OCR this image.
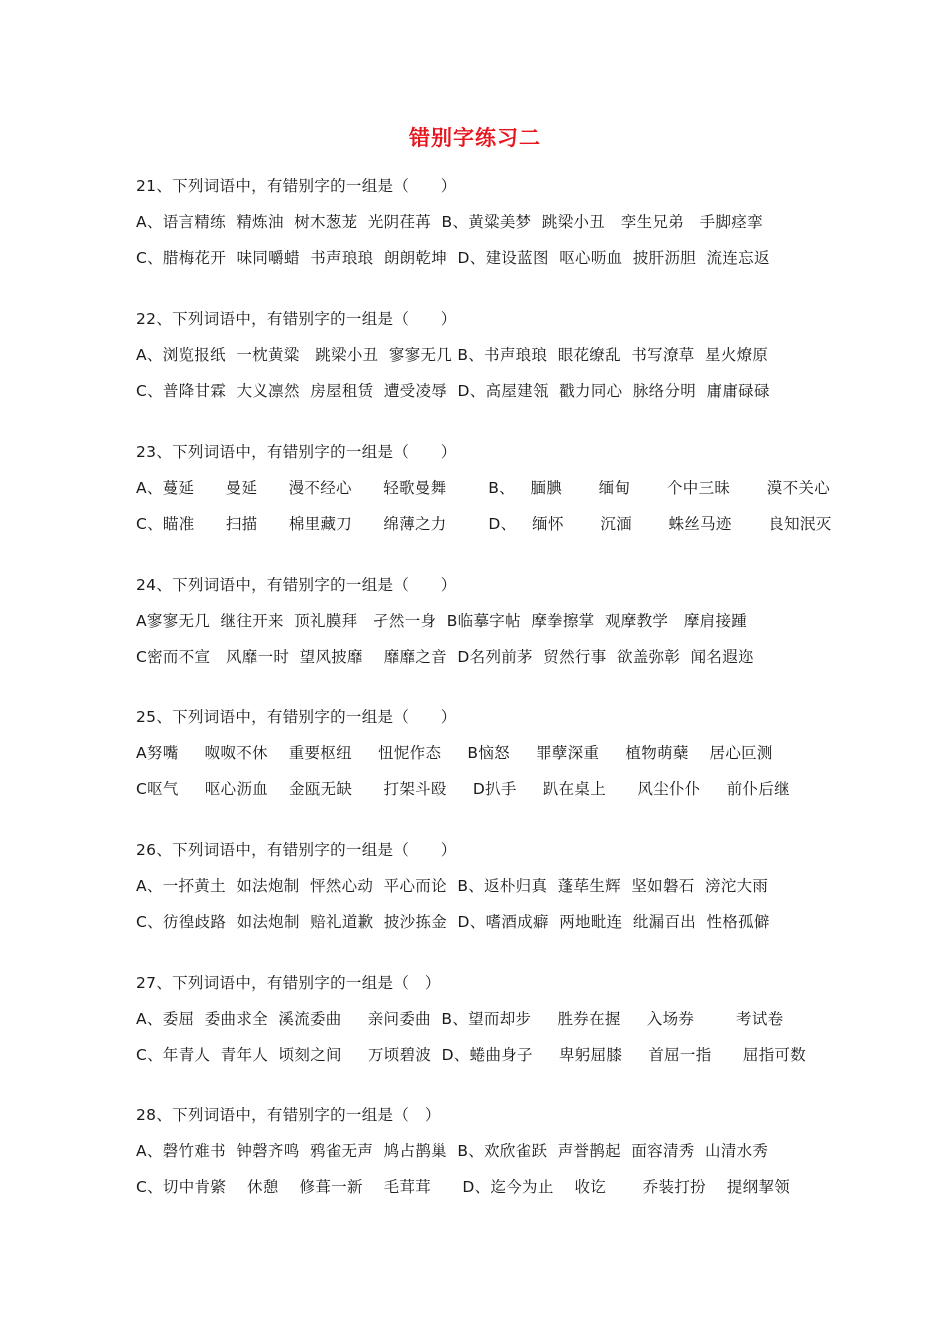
错别字练习二
21、下列词语中，有错别字的一组是（　　）
A、语言精练  精炼油  树木葱茏  光阴荏苒  B、黄粱美梦  跳梁小丑   孪生兄弟   手脚痉挛
C、腊梅花开  味同嚼蜡  书声琅琅  朗朗乾坤  D、建设蓝图  呕心呖血  披肝沥胆  流连忘返
22、下列词语中，有错别字的一组是（　　）
A、浏览报纸  一枕黄粱   跳梁小丑  寥寥无几 B、书声琅琅  眼花缭乱  书写潦草  星火燎原
C、普降甘霖  大义凛然  房屋租赁  遭受凌辱  D、高屋建瓴  戳力同心  脉络分明  庸庸碌碌
23、下列词语中，有错别字的一组是（　　）
A、蔓延      曼延      漫不经心      轻歌曼舞        B、   腼腆       缅甸       个中三昧       漠不关心
C、瞄准      扫描      棉里藏刀      绵薄之力        D、   缅怀       沉湎       蛛丝马迹       良知泯灭
24、下列词语中，有错别字的一组是（　　）
A寥寥无几  继往开来  顶礼膜拜   孑然一身  B临摹字帖  摩拳擦掌  观摩教学   摩肩接踵
C密而不宣   风靡一时  望风披靡    靡靡之音  D名列前茅  贸然行事  欲盖弥彰  闻名遐迩
25、下列词语中，有错别字的一组是（　　）
A努嘴     呶呶不休    重要枢纽     忸怩作态     B恼怒     罪孽深重     植物萌蘖    居心叵测
C呕气     呕心沥血    金瓯无缺      打架斗殴     D扒手     趴在桌上      风尘仆仆     前仆后继
26、下列词语中，有错别字的一组是（　　）
A、一抔黄土  如法炮制  怦然心动  平心而论  B、返朴归真  蓬荜生辉  坚如磐石  滂沱大雨
C、彷徨歧路  如法炮制  赔礼道歉  披沙拣金  D、嗜酒成癖  两地毗连  纰漏百出  性格孤僻
27、下列词语中，有错别字的一组是（　）
A、委屈  委曲求全  溪流委曲     亲问委曲  B、望而却步     胜券在握     入场券        考试卷
C、年青人  青年人  顷刻之间     万顷碧波  D、蜷曲身子     卑躬屈膝     首屈一指      屈指可数
28、下列词语中，有错别字的一组是（　）
A、磬竹难书  钟磬齐鸣  鸦雀无声  鸠占鹊巢  B、欢欣雀跃  声誉鹊起  面容清秀  山清水秀
C、切中肯綮    休憩    修葺一新    毛茸茸      D、迄今为止    收讫       乔装打扮    提纲挈领
